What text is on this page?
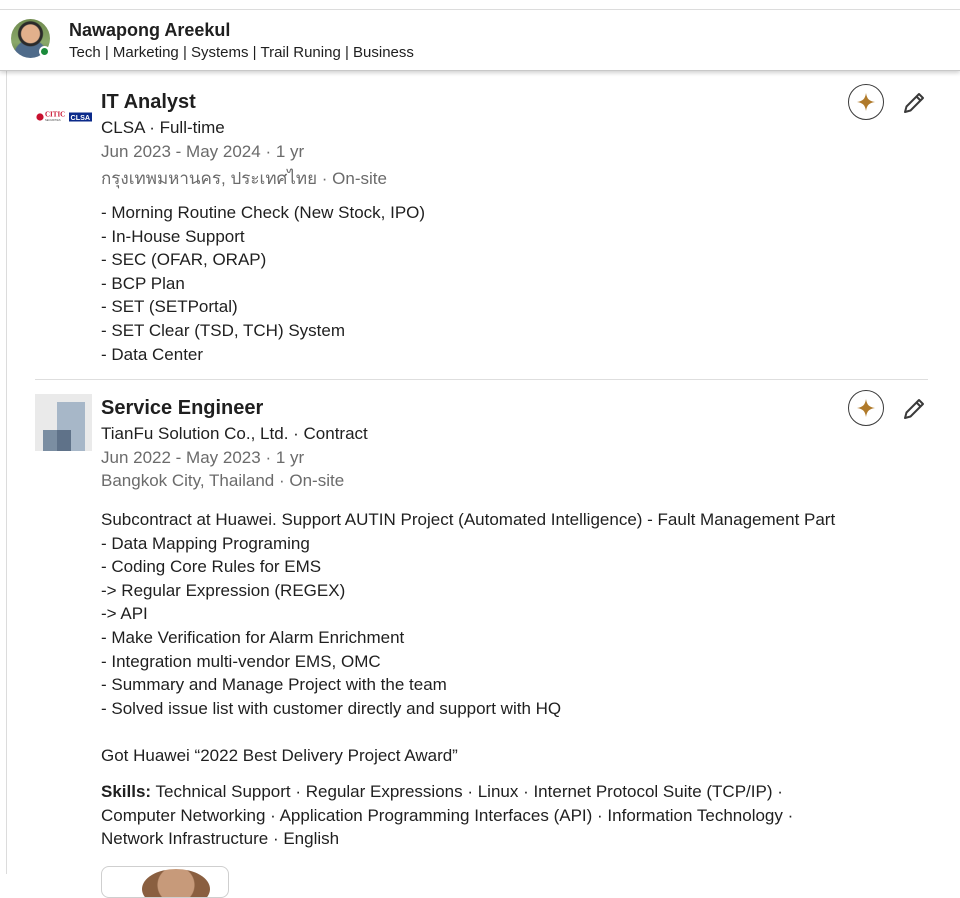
Nawapong Areekul
Tech | Marketing | Systems | Trail Runing | Business
CITIC
SECURITIES CLSA
IT Analyst
CLSA · Full-time
Jun 2023 - May 2024 · 1 yr
กรุงเทพมหานคร, ประเทศไทย · On-site
- Morning Routine Check (New Stock, IPO)
- In-House Support
- SEC (OFAR, ORAP)
- BCP Plan
- SET (SETPortal)
- SET Clear (TSD, TCH) System
- Data Center
Service Engineer
TianFu Solution Co., Ltd. · Contract
Jun 2022 - May 2023 · 1 yr
Bangkok City, Thailand · On-site
Subcontract at Huawei. Support AUTIN Project (Automated Intelligence) - Fault Management Part
- Data Mapping Programing
- Coding Core Rules for EMS
-> Regular Expression (REGEX)
-> API
- Make Verification for Alarm Enrichment
- Integration multi-vendor EMS, OMC
- Summary and Manage Project with the team
- Solved issue list with customer directly and support with HQ

Got Huawei “2022 Best Delivery Project Award”
Skills: Technical Support · Regular Expressions · Linux · Internet Protocol Suite (TCP/IP) · Computer Networking · Application Programming Interfaces (API) · Information Technology · Network Infrastructure · English
